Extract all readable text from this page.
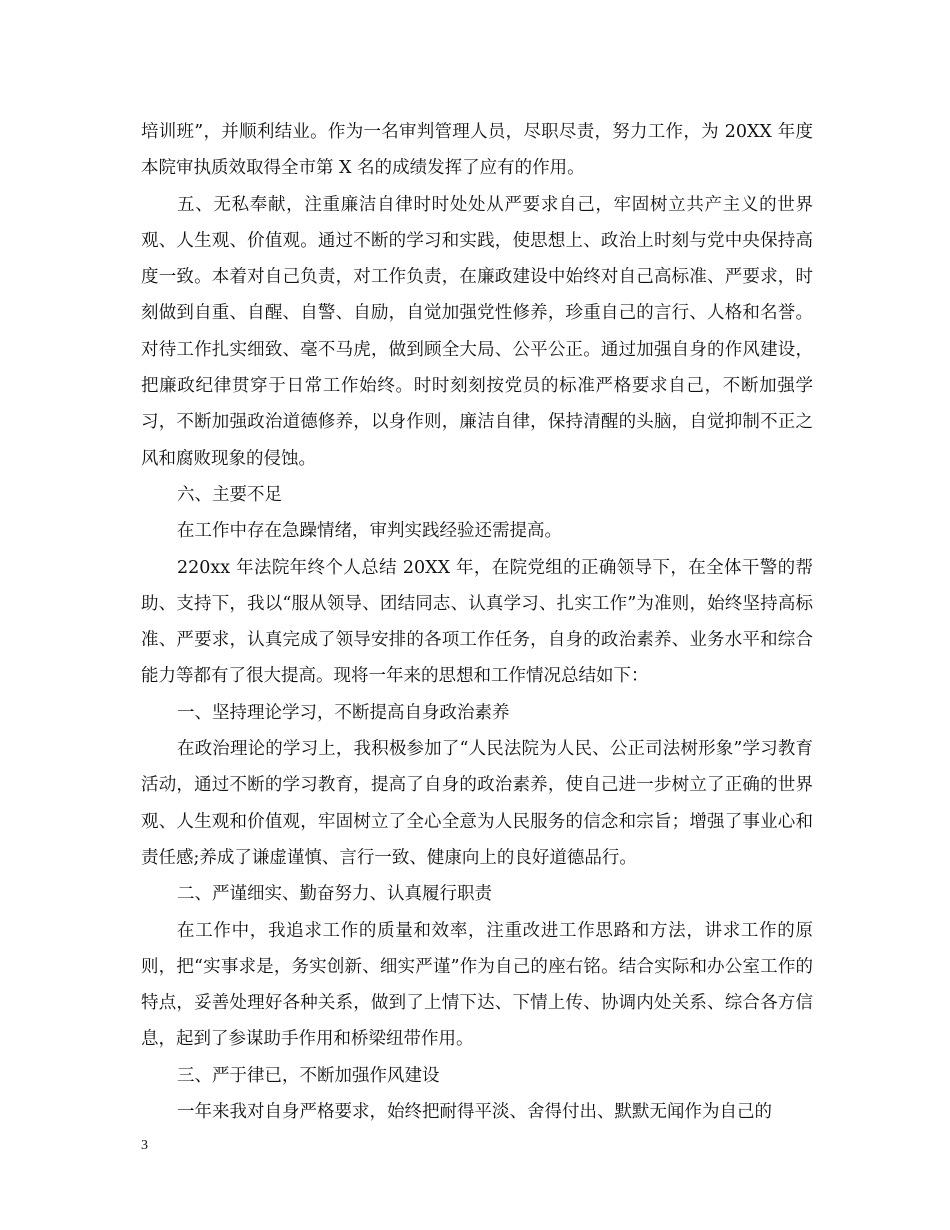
培训班”，并顺利结业。作为一名审判管理人员，尽职尽责，努力工作，为 20XX 年度本院审执质效取得全市第 X 名的成绩发挥了应有的作用。

五、无私奉献，注重廉洁自律时时处处从严要求自己，牢固树立共产主义的世界观、人生观、价值观。通过不断的学习和实践，使思想上、政治上时刻与党中央保持高度一致。本着对自己负责，对工作负责，在廉政建设中始终对自己高标准、严要求，时刻做到自重、自醒、自警、自励，自觉加强党性修养，珍重自己的言行、人格和名誉。对待工作扎实细致、毫不马虎，做到顾全大局、公平公正。通过加强自身的作风建设，把廉政纪律贯穿于日常工作始终。时时刻刻按党员的标准严格要求自己，不断加强学习，不断加强政治道德修养，以身作则，廉洁自律，保持清醒的头脑，自觉抑制不正之风和腐败现象的侵蚀。

六、主要不足

在工作中存在急躁情绪，审判实践经验还需提高。

220xx 年法院年终个人总结 20XX 年，在院党组的正确领导下，在全体干警的帮助、支持下，我以“服从领导、团结同志、认真学习、扎实工作”为准则，始终坚持高标准、严要求，认真完成了领导安排的各项工作任务，自身的政治素养、业务水平和综合能力等都有了很大提高。现将一年来的思想和工作情况总结如下：

一、坚持理论学习，不断提高自身政治素养

在政治理论的学习上，我积极参加了“人民法院为人民、公正司法树形象”学习教育活动，通过不断的学习教育，提高了自身的政治素养，使自己进一步树立了正确的世界观、人生观和价值观，牢固树立了全心全意为人民服务的信念和宗旨；增强了事业心和责任感;养成了谦虚谨慎、言行一致、健康向上的良好道德品行。

二、严谨细实、勤奋努力、认真履行职责

在工作中，我追求工作的质量和效率，注重改进工作思路和方法，讲求工作的原则，把“实事求是，务实创新、细实严谨”作为自己的座右铭。结合实际和办公室工作的特点，妥善处理好各种关系，做到了上情下达、下情上传、协调内处关系、综合各方信息，起到了参谋助手作用和桥梁纽带作用。

三、严于律已，不断加强作风建设

一年来我对自身严格要求，始终把耐得平淡、舍得付出、默默无闻作为自己的

3
